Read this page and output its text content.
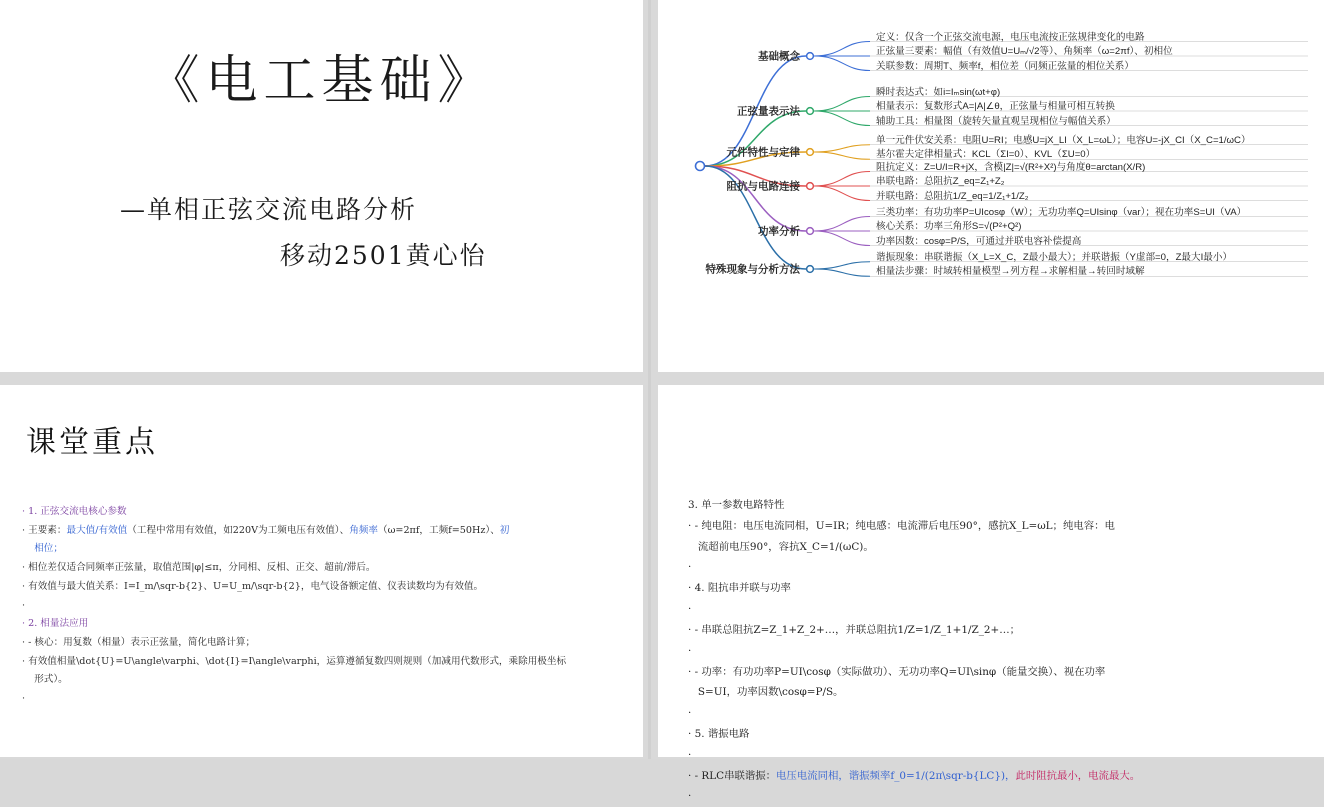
《电工基础》
—单相正弦交流电路分析
移动2501黄心怡
基础概念
定义：仅含一个正弦交流电源，电压电流按正弦规律变化的电路
正弦量三要素：幅值（有效值U=Uₘ/√2等）、角频率（ω=2πf）、初相位
关联参数：周期T、频率f，相位差（同频正弦量的相位关系）
正弦量表示法
瞬时表达式：如i=Iₘsin(ωt+φ)
相量表示：复数形式A=|A|∠θ，正弦量与相量可相互转换
辅助工具：相量图（旋转矢量直观呈现相位与幅值关系）
元件特性与定律
单一元件伏安关系：电阻U=RI；电感U=jX_LI（X_L=ωL）；电容U=-jX_CI（X_C=1/ωC）
基尔霍夫定律相量式：KCL（ΣI=0）、KVL（ΣU=0）
阻抗与电路连接
阻抗定义：Z=U/I=R+jX，含模|Z|=√(R²+X²)与角度θ=arctan(X/R)
串联电路：总阻抗Z_eq=Z₁+Z₂
并联电路：总阻抗1/Z_eq=1/Z₁+1/Z₂
功率分析
三类功率：有功功率P=UIcosφ（W）；无功功率Q=UIsinφ（var）；视在功率S=UI（VA）
核心关系：功率三角形S=√(P²+Q²)
功率因数：cosφ=P/S，可通过并联电容补偿提高
特殊现象与分析方法
谐振现象：串联谐振（X_L=X_C，Z最小最大）；并联谐振（Y虚部=0，Z最大I最小）
相量法步骤：时域转相量模型→列方程→求解相量→转回时域解
课堂重点
· 1. 正弦交流电核心参数
· 王要素：最大值/有效值（工程中常用有效值，如220V为工频电压有效值）、角频率（ω=2πf，工频f=50Hz）、初
相位；
· 相位差仅适合同频率正弦量，取值范围|φ|≤π，分同相、反相、正交、超前/滞后。
· 有效值与最大值关系：I=I_m/\sqr-b{2}、U=U_m/\sqr-b{2}，电气设备额定值、仪表读数均为有效值。
·
· 2. 相量法应用
· - 核心：用复数（相量）表示正弦量，简化电路计算；
· 有效值相量\dot{U}=U\angle\varphi、\dot{I}=I\angle\varphi，运算遵循复数四则规则（加减用代数形式，乘除用极坐标
形式）。
·
3. 单一参数电路特性
· - 纯电阻：电压电流同相，U=IR；纯电感：电流滞后电压90°，感抗X_L=ωL；纯电容：电
流超前电压90°，容抗X_C=1/(ωC)。
·
· 4. 阻抗串并联与功率
·
· - 串联总阻抗Z=Z_1+Z_2+…，并联总阻抗1/Z=1/Z_1+1/Z_2+…；
·
· - 功率：有功功率P=UI\cosφ（实际做功）、无功功率Q=UI\sinφ（能量交换）、视在功率
S=UI，功率因数\cosφ=P/S。
·
· 5. 谐振电路
·
· - RLC串联谐振：电压电流同相，谐振频率f_0=1/(2π\sqr-b{LC})，此时阻抗最小，电流最大。
·
